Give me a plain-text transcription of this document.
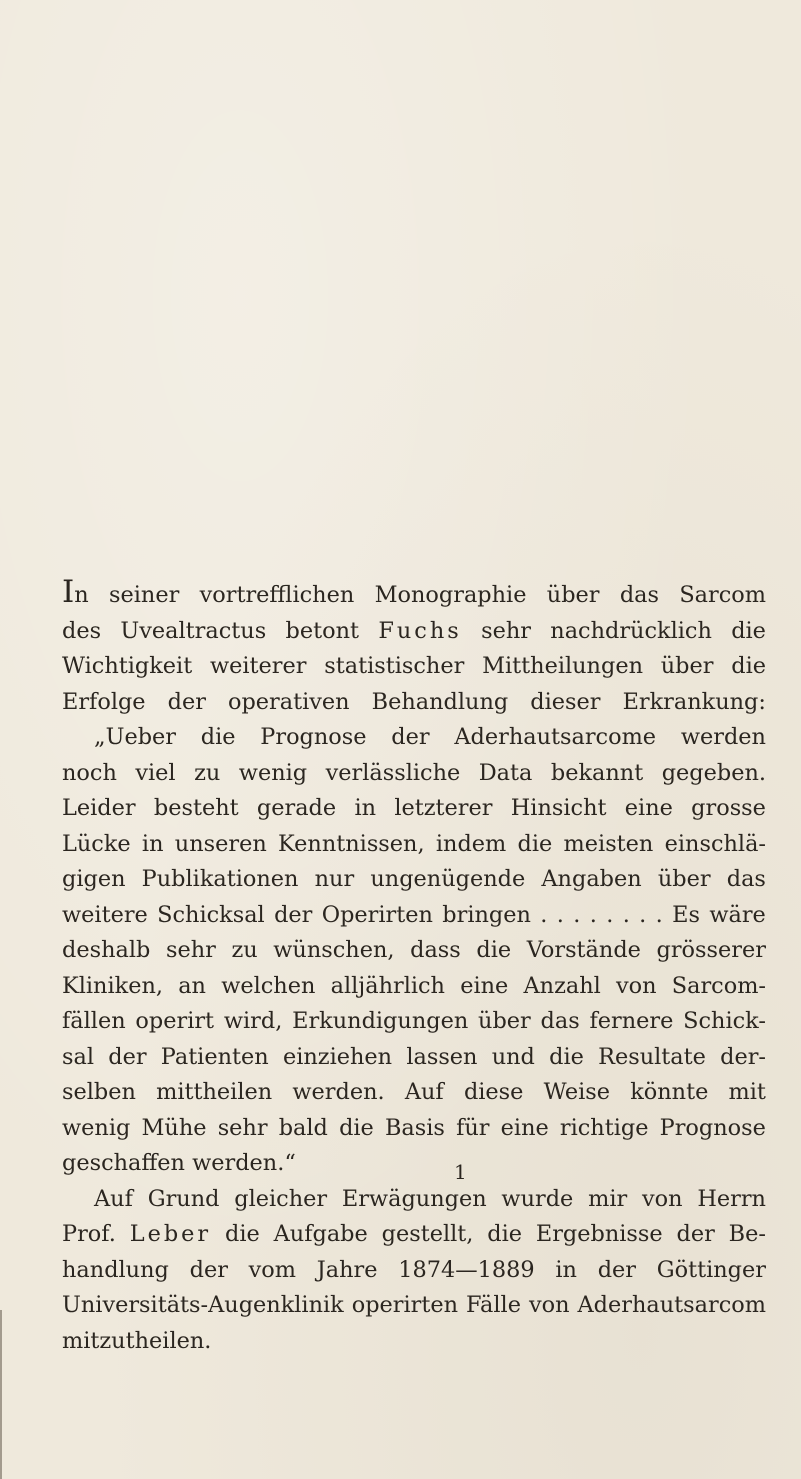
In seiner vortrefflichen Monographie über das Sarcom
des Uvealtractus betont Fuchs sehr nachdrücklich die
Wichtigkeit weiterer statistischer Mittheilungen über die
Erfolge der operativen Behandlung dieser Erkrankung:
„Ueber die Prognose der Aderhautsarcome werden
noch viel zu wenig verlässliche Data bekannt gegeben.
Leider besteht gerade in letzterer Hinsicht eine grosse
Lücke in unseren Kenntnissen, indem die meisten einschlä-
gigen Publikationen nur ungenügende Angaben über das
weitere Schicksal der Operirten bringen . . . . . . . . Es wäre
deshalb sehr zu wünschen, dass die Vorstände grösserer
Kliniken, an welchen alljährlich eine Anzahl von Sarcom-
fällen operirt wird, Erkundigungen über das fernere Schick-
sal der Patienten einziehen lassen und die Resultate der-
selben mittheilen werden. Auf diese Weise könnte mit
wenig Mühe sehr bald die Basis für eine richtige Prognose
geschaffen
werden.“
Auf Grund gleicher Erwägungen wurde mir von Herrn
Prof. Leber die Aufgabe gestellt, die Ergebnisse der Be-
handlung der vom Jahre 1874—1889 in der Göttinger
Universitäts-Augenklinik operirten Fälle von Aderhautsarcom
mitzutheilen.
1
